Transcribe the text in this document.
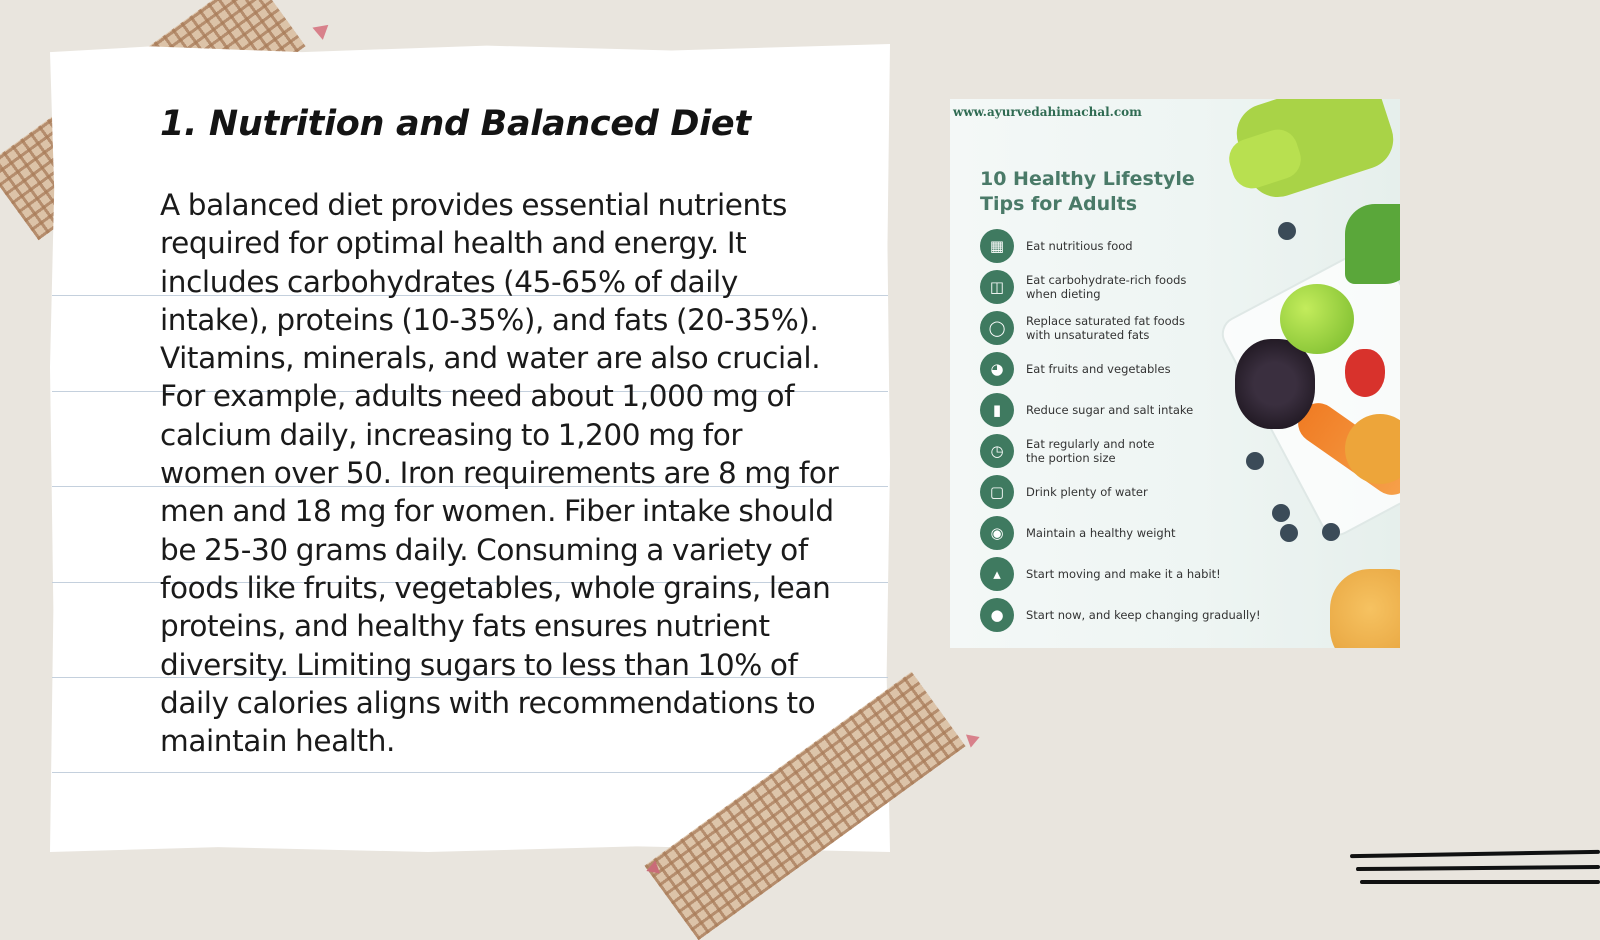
1. Nutrition and Balanced Diet

A balanced diet provides essential nutrients required for optimal health and energy. It includes carbohydrates (45-65% of daily intake), proteins (10-35%), and fats (20-35%). Vitamins, minerals, and water are also crucial. For example, adults need about 1,000 mg of calcium daily, increasing to 1,200 mg for women over 50. Iron requirements are 8 mg for men and 18 mg for women. Fiber intake should be 25-30 grams daily. Consuming a variety of foods like fruits, vegetables, whole grains, lean proteins, and healthy fats ensures nutrient diversity. Limiting sugars to less than 10% of daily calories aligns with recommendations to maintain health.

www.ayurvedahimachal.com
10 Healthy Lifestyle Tips for Adults
▦	Eat nutritious food
◫	Eat carbohydrate-rich foods
when dieting
◯	Replace saturated fat foods
with unsaturated fats
◕	Eat fruits and vegetables
▮	Reduce sugar and salt intake
◷	Eat regularly and note
the portion size
▢	Drink plenty of water
◉	Maintain a healthy weight
▴	Start moving and make it a habit!
●	Start now, and keep changing gradually!
